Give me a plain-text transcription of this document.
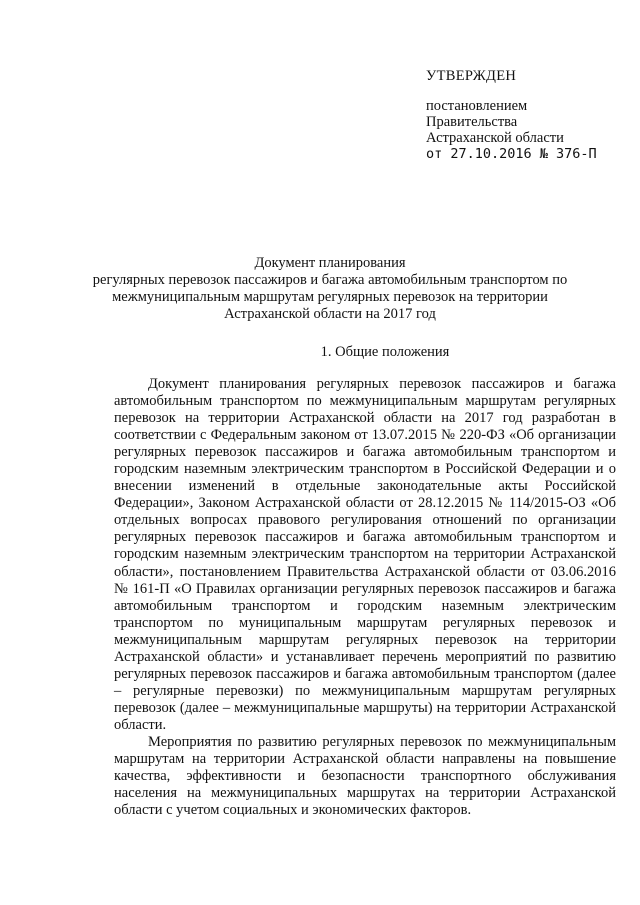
УТВЕРЖДЕН
постановлением
Правительства
Астраханской области
от 27.10.2016 № 376-П
Документ планирования
регулярных перевозок пассажиров и багажа автомобильным транспортом по
межмуниципальным маршрутам регулярных перевозок на территории
Астраханской области на 2017 год
1. Общие положения

Документ планирования регулярных перевозок пассажиров и багажа автомобильным транспортом по межмуниципальным маршрутам регулярных перевозок на территории Астраханской области на 2017 год разработан в соответствии с Федеральным законом от 13.07.2015 № 220-ФЗ «Об организации регулярных перевозок пассажиров и багажа автомобильным транспортом и городским наземным электрическим транспортом в Российской Федерации и о внесении изменений в отдельные законодательные акты Российской Федерации», Законом Астраханской области от 28.12.2015 № 114/2015-ОЗ «Об отдельных вопросах правового регулирования отношений по организации регулярных перевозок пассажиров и багажа автомобильным транспортом и городским наземным электрическим транспортом на территории Астраханской области», постановлением Правительства Астраханской области от 03.06.2016 № 161-П «О Правилах организации регулярных перевозок пассажиров и багажа автомобильным транспортом и городским наземным электрическим транспортом по муниципальным маршрутам регулярных перевозок и межмуниципальным маршрутам регулярных перевозок на территории Астраханской области» и устанавливает перечень мероприятий по развитию регулярных перевозок пассажиров и багажа автомобильным транспортом (далее – регулярные перевозки) по межмуниципальным маршрутам регулярных перевозок (далее – межмуниципальные маршруты) на территории Астраханской области.

Мероприятия по развитию регулярных перевозок по межмуниципальным маршрутам на территории Астраханской области направлены на повышение качества, эффективности и безопасности транспортного обслуживания населения на межмуниципальных маршрутах на территории Астраханской области с учетом социальных и экономических факторов.
